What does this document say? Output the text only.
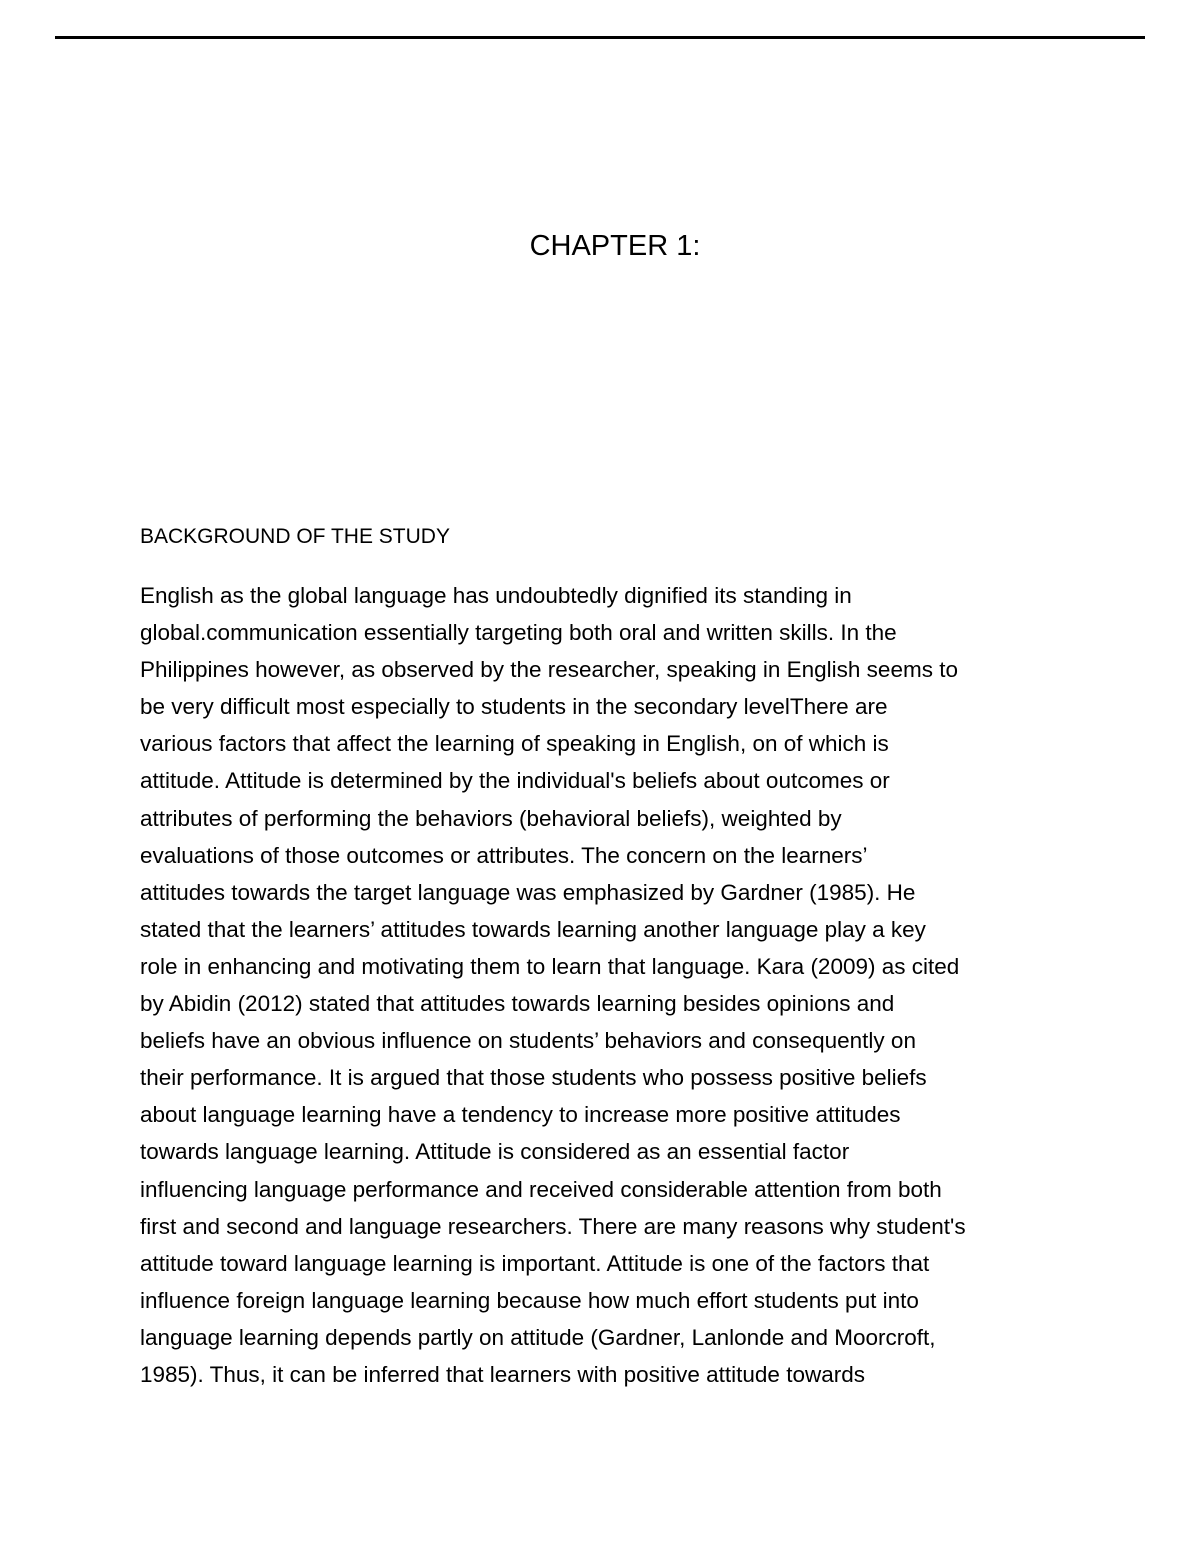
CHAPTER 1:
BACKGROUND OF THE STUDY
English as the global language has undoubtedly dignified its standing in
global.communication essentially targeting both oral and written skills. In the
Philippines however, as observed by the researcher, speaking in English seems to
be very difficult most especially to students in the secondary levelThere are
various factors that affect the learning of speaking in English, on of which is
attitude. Attitude is determined by the individual's beliefs about outcomes or
attributes of performing the behaviors (behavioral beliefs), weighted by
evaluations of those outcomes or attributes. The concern on the learners’
attitudes towards the target language was emphasized by Gardner (1985). He
stated that the learners’ attitudes towards learning another language play a key
role in enhancing and motivating them to learn that language. Kara (2009) as cited
by Abidin (2012) stated that attitudes towards learning besides opinions and
beliefs have an obvious influence on students’ behaviors and consequently on
their performance. It is argued that those students who possess positive beliefs
about language learning have a tendency to increase more positive attitudes
towards language learning. Attitude is considered as an essential factor
influencing language performance and received considerable attention from both
first and second and language researchers. There are many reasons why student's
attitude toward language learning is important. Attitude is one of the factors that
influence foreign language learning because how much effort students put into
language learning depends partly on attitude (Gardner, Lanlonde and Moorcroft,
1985). Thus, it can be inferred that learners with positive attitude towards
